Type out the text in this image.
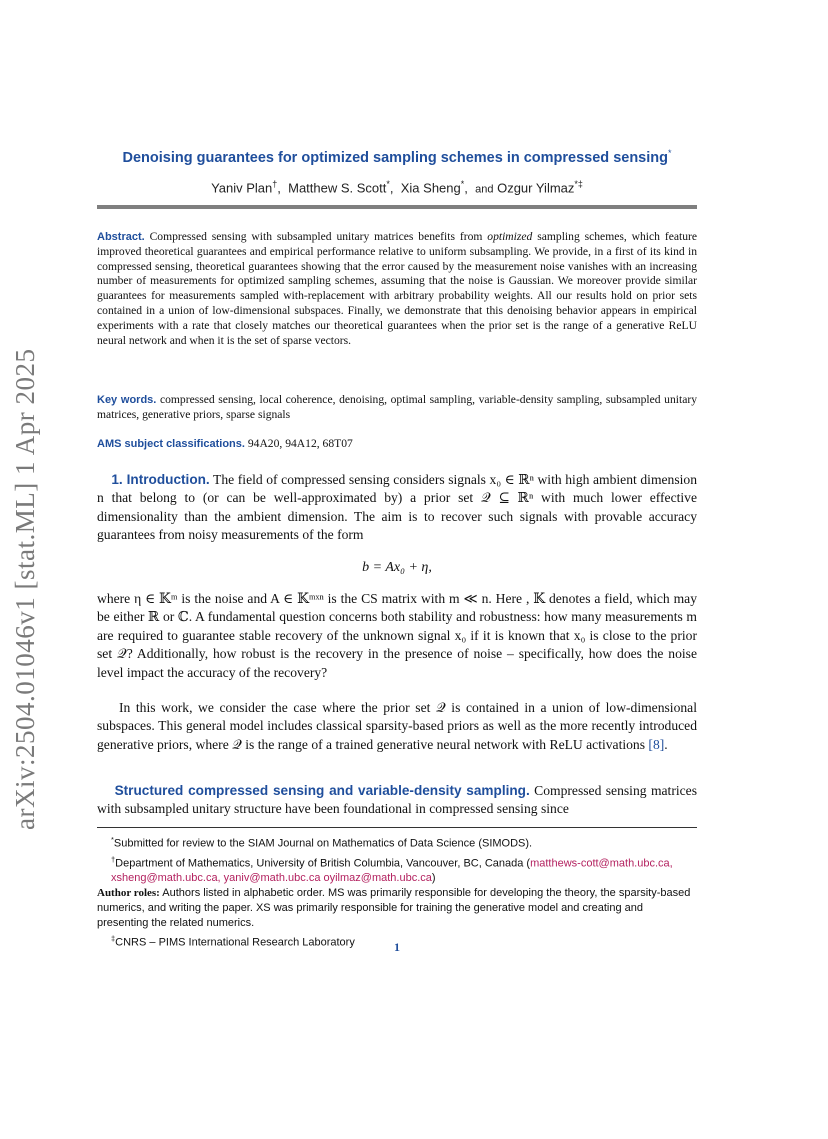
arXiv:2504.01046v1 [stat.ML] 1 Apr 2025
Denoising guarantees for optimized sampling schemes in compressed sensing*
Yaniv Plan†,  Matthew S. Scott*,  Xia Sheng*,  and Ozgur Yilmaz*‡
Abstract. Compressed sensing with subsampled unitary matrices benefits from optimized sampling schemes, which feature improved theoretical guarantees and empirical performance relative to uniform subsampling. We provide, in a first of its kind in compressed sensing, theoretical guarantees showing that the error caused by the measurement noise vanishes with an increasing number of measurements for optimized sampling schemes, assuming that the noise is Gaussian. We moreover provide similar guarantees for measurements sampled with-replacement with arbitrary probability weights. All our results hold on prior sets contained in a union of low-dimensional subspaces. Finally, we demonstrate that this denoising behavior appears in empirical experiments with a rate that closely matches our theoretical guarantees when the prior set is the range of a generative ReLU neural network and when it is the set of sparse vectors.
Key words. compressed sensing, local coherence, denoising, optimal sampling, variable-density sampling, subsampled unitary matrices, generative priors, sparse signals
AMS subject classifications. 94A20, 94A12, 68T07
1. Introduction. The field of compressed sensing considers signals x₀ ∈ ℝⁿ with high ambient dimension n that belong to (or can be well-approximated by) a prior set 𝒬 ⊆ ℝⁿ with much lower effective dimensionality than the ambient dimension. The aim is to recover such signals with provable accuracy guarantees from noisy measurements of the form
b = Ax₀ + η,
where η ∈ 𝕂ᵐ is the noise and A ∈ 𝕂ᵐˣⁿ is the CS matrix with m ≪ n. Here , 𝕂 denotes a field, which may be either ℝ or ℂ. A fundamental question concerns both stability and robustness: how many measurements m are required to guarantee stable recovery of the unknown signal x₀ if it is known that x₀ is close to the prior set 𝒬? Additionally, how robust is the recovery in the presence of noise – specifically, how does the noise level impact the accuracy of the recovery?
In this work, we consider the case where the prior set 𝒬 is contained in a union of low-dimensional subspaces. This general model includes classical sparsity-based priors as well as the more recently introduced generative priors, where 𝒬 is the range of a trained generative neural network with ReLU activations [8].
Structured compressed sensing and variable-density sampling. Compressed sensing matrices with subsampled unitary structure have been foundational in compressed sensing since

*Submitted for review to the SIAM Journal on Mathematics of Data Science (SIMODS).

†Department of Mathematics, University of British Columbia, Vancouver, BC, Canada (matthews-cott@math.ubc.ca, xsheng@math.ubc.ca, yaniv@math.ubc.ca oyilmaz@math.ubc.ca)

Author roles: Authors listed in alphabetic order. MS was primarily responsible for developing the theory, the sparsity-based numerics, and writing the paper. XS was primarily responsible for training the generative model and creating and presenting the related numerics.

‡CNRS – PIMS International Research Laboratory	1
